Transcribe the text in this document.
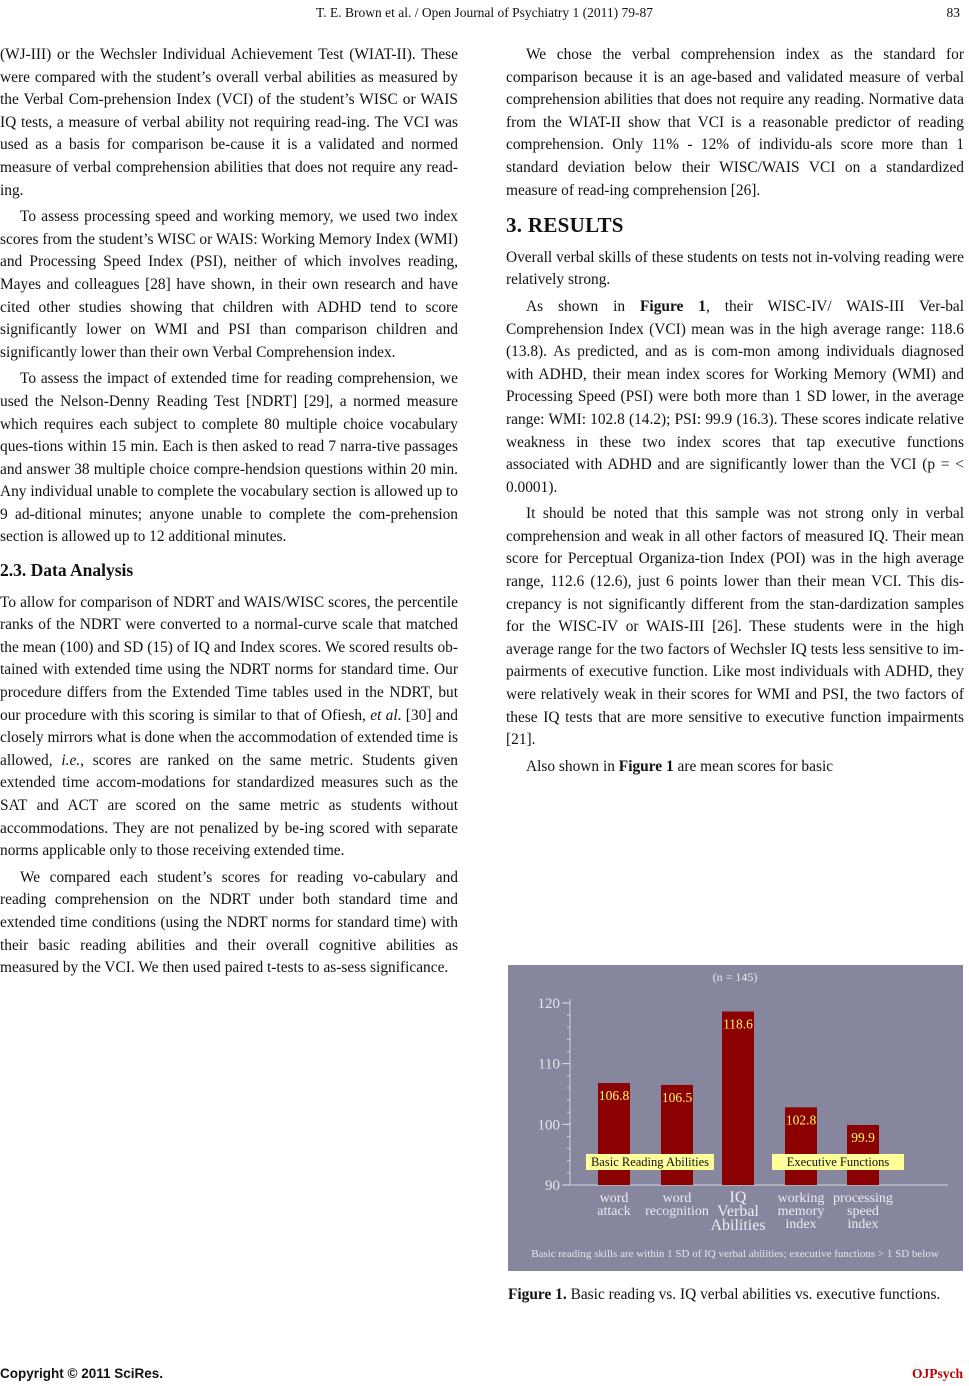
T. E. Brown et al. / Open Journal of Psychiatry 1 (2011) 79-87	83

(WJ-III) or the Wechsler Individual Achievement Test (WIAT-II). These were compared with the student’s overall verbal abilities as measured by the Verbal Com-prehension Index (VCI) of the student’s WISC or WAIS IQ tests, a measure of verbal ability not requiring read-ing. The VCI was used as a basis for comparison be-cause it is a validated and normed measure of verbal comprehension abilities that does not require any read-ing.

To assess processing speed and working memory, we used two index scores from the student’s WISC or WAIS: Working Memory Index (WMI) and Processing Speed Index (PSI), neither of which involves reading, Mayes and colleagues [28] have shown, in their own research and have cited other studies showing that children with ADHD tend to score significantly lower on WMI and PSI than comparison children and significantly lower than their own Verbal Comprehension index.

To assess the impact of extended time for reading comprehension, we used the Nelson-Denny Reading Test [NDRT] [29], a normed measure which requires each subject to complete 80 multiple choice vocabulary ques-tions within 15 min. Each is then asked to read 7 narra-tive passages and answer 38 multiple choice compre-hendsion questions within 20 min. Any individual unable to complete the vocabulary section is allowed up to 9 ad-ditional minutes; anyone unable to complete the com-prehension section is allowed up to 12 additional minutes.

2.3. Data Analysis

To allow for comparison of NDRT and WAIS/WISC scores, the percentile ranks of the NDRT were converted to a normal-curve scale that matched the mean (100) and SD (15) of IQ and Index scores. We scored results ob-tained with extended time using the NDRT norms for standard time. Our procedure differs from the Extended Time tables used in the NDRT, but our procedure with this scoring is similar to that of Ofiesh, et al. [30] and closely mirrors what is done when the accommodation of extended time is allowed, i.e., scores are ranked on the same metric. Students given extended time accom-modations for standardized measures such as the SAT and ACT are scored on the same metric as students without accommodations. They are not penalized by be-ing scored with separate norms applicable only to those receiving extended time.

We compared each student’s scores for reading vo-cabulary and reading comprehension on the NDRT under both standard time and extended time conditions (using the NDRT norms for standard time) with their basic reading abilities and their overall cognitive abilities as measured by the VCI. We then used paired t-tests to as-sess significance.

We chose the verbal comprehension index as the standard for comparison because it is an age-based and validated measure of verbal comprehension abilities that does not require any reading. Normative data from the WIAT-II show that VCI is a reasonable predictor of reading comprehension. Only 11% - 12% of individu-als score more than 1 standard deviation below their WISC/WAIS VCI on a standardized measure of read-ing comprehension [26].

3. RESULTS

Overall verbal skills of these students on tests not in-volving reading were relatively strong.

As shown in Figure 1, their WISC-IV/ WAIS-III Ver-bal Comprehension Index (VCI) mean was in the high average range: 118.6 (13.8). As predicted, and as is com-mon among individuals diagnosed with ADHD, their mean index scores for Working Memory (WMI) and Processing Speed (PSI) were both more than 1 SD lower, in the average range: WMI: 102.8 (14.2); PSI: 99.9 (16.3). These scores indicate relative weakness in these two index scores that tap executive functions associated with ADHD and are significantly lower than the VCI (p = < 0.0001).

It should be noted that this sample was not strong only in verbal comprehension and weak in all other factors of measured IQ. Their mean score for Perceptual Organiza-tion Index (POI) was in the high average range, 112.6 (12.6), just 6 points lower than their mean VCI. This dis-crepancy is not significantly different from the stan-dardization samples for the WISC-IV or WAIS-III [26]. These students were in the high average range for the two factors of Wechsler IQ tests less sensitive to im- pairments of executive function. Like most individuals with ADHD, they were relatively weak in their scores for WMI and PSI, the two factors of these IQ tests that are more sensitive to executive function impairments [21].

Also shown in Figure 1 are mean scores for basic

(n = 145)
90
100
110
120
106.8 106.5
118.6
102.8
99.9
word
attack
word
recognition
IQ
Verbal
Abilities
working
memory
index
processing
speed
index
Basic Reading Abilities	Executive Functions
Basic reading skills are within 1 SD of IQ verbal abilities; executive functions > 1 SD below
Figure 1. Basic reading vs. IQ verbal abilities vs. executive functions.
Copyright © 2011 SciRes.	OJPsych
